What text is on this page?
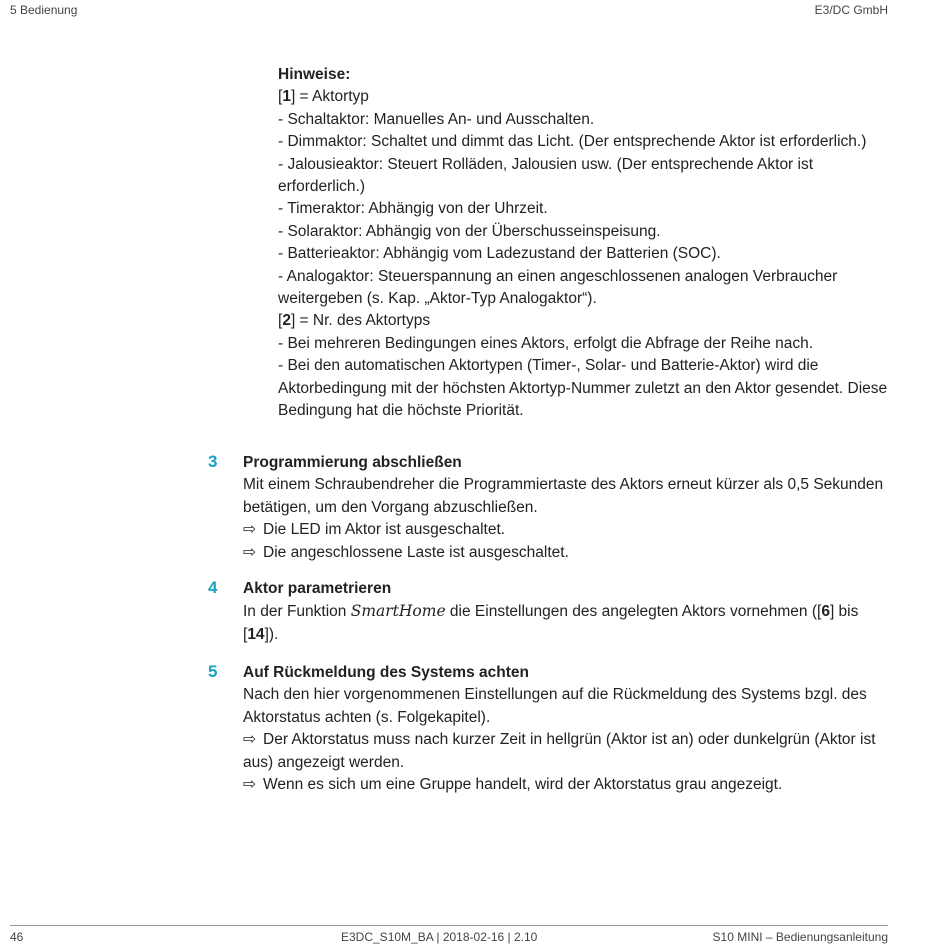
5 Bedienung	E3/DC GmbH
Hinweise:
[1] = Aktortyp
- Schaltaktor: Manuelles An- und Ausschalten.
- Dimmaktor: Schaltet und dimmt das Licht. (Der entsprechende Aktor ist erforderlich.)
- Jalousieaktor: Steuert Rolläden, Jalousien usw. (Der entsprechende Aktor ist erforderlich.)
- Timeraktor: Abhängig von der Uhrzeit.
- Solaraktor: Abhängig von der Überschusseinspeisung.
- Batterieaktor: Abhängig vom Ladezustand der Batterien (SOC).
- Analogaktor: Steuerspannung an einen angeschlossenen analogen Verbraucher weitergeben (s. Kap. „Aktor-Typ Analogaktor“).
[2] = Nr. des Aktortyps
- Bei mehreren Bedingungen eines Aktors, erfolgt die Abfrage der Reihe nach.
- Bei den automatischen Aktortypen (Timer-, Solar- und Batterie-Aktor) wird die Aktorbedingung mit der höchsten Aktortyp-Nummer zuletzt an den Aktor gesendet. Diese Bedingung hat die höchste Priorität.
3	Programmierung abschließen
Mit einem Schraubendreher die Programmiertaste des Aktors erneut kürzer als 0,5 Sekunden betätigen, um den Vorgang abzuschließen.
⇨ Die LED im Aktor ist ausgeschaltet.
⇨ Die angeschlossene Laste ist ausgeschaltet.
4	Aktor parametrieren
In der Funktion SmartHome die Einstellungen des angelegten Aktors vornehmen ([6] bis [14]).
5	Auf Rückmeldung des Systems achten
Nach den hier vorgenommenen Einstellungen auf die Rückmeldung des Systems bzgl. des Aktorstatus achten (s. Folgekapitel).
⇨ Der Aktorstatus muss nach kurzer Zeit in hellgrün (Aktor ist an) oder dunkelgrün (Aktor ist aus) angezeigt werden.
⇨ Wenn es sich um eine Gruppe handelt, wird der Aktorstatus grau angezeigt.
46	E3DC_S10M_BA | 2018-02-16 | 2.10	S10 MINI – Bedienungsanleitung
